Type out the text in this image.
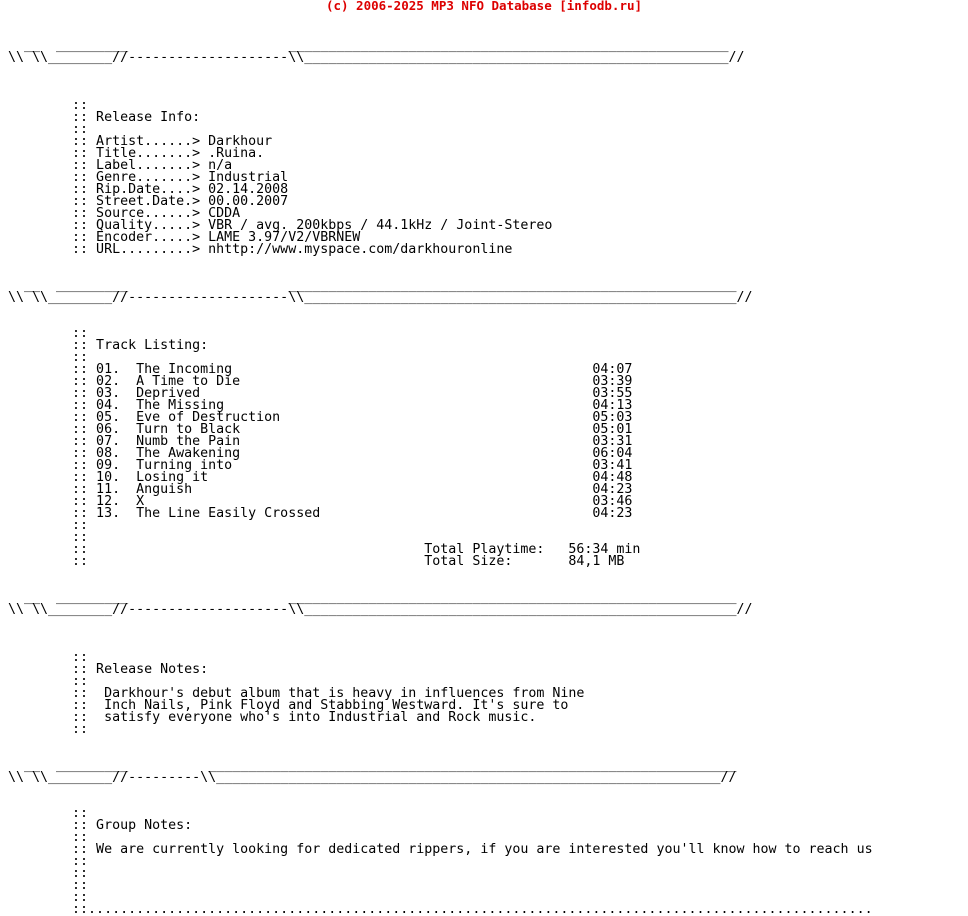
(c) 2006-2025 MP3 NFO Database [infodb.ru]
__  _________                    _______________________________________________________
\\ \\________//--------------------\\_____________________________________________________//
::
:: Release Info:
::
:: Artist......> Darkhour
:: Title.......> .Ruina.
:: Label.......> n/a
:: Genre.......> Industrial
:: Rip.Date....> 02.14.2008
:: Street.Date.> 00.00.2007
:: Source......> CDDA
:: Quality.....> VBR / avg. 200kbps / 44.1kHz / Joint-Stereo
:: Encoder.....> LAME 3.97/V2/VBRNEW
:: URL.........> nhttp://www.myspace.com/darkhouronline
__  _________                    ________________________________________________________
\\ \\________//--------------------\\______________________________________________________//
::
:: Track Listing:
::
:: 01.  The Incoming                                             04:07
:: 02.  A Time to Die                                            03:39
:: 03.  Deprived                                                 03:55
:: 04.  The Missing                                              04:13
:: 05.  Eve of Destruction                                       05:03
:: 06.  Turn to Black                                            05:01
:: 07.  Numb the Pain                                            03:31
:: 08.  The Awakening                                            06:04
:: 09.  Turning into                                             03:41
:: 10.  Losing it                                                04:48
:: 11.  Anguish                                                  04:23
:: 12.  X                                                        03:46
:: 13.  The Line Easily Crossed                                  04:23
::
::
::                                          Total Playtime:   56:34 min
::                                          Total Size:       84,1 MB
__  _________                    ________________________________________________________
\\ \\________//--------------------\\______________________________________________________//
::
:: Release Notes:
::
::  Darkhour's debut album that is heavy in influences from Nine
::  Inch Nails, Pink Floyd and Stabbing Westward. It's sure to
::  satisfy everyone who's into Industrial and Rock music.
::
__  _________          __________________________________________________________________
\\ \\________//---------\\_______________________________________________________________//
::
:: Group Notes:
::
:: We are currently looking for dedicated rippers, if you are interested you'll know how to reach us
::
::
::
::
::..................................................................................................
